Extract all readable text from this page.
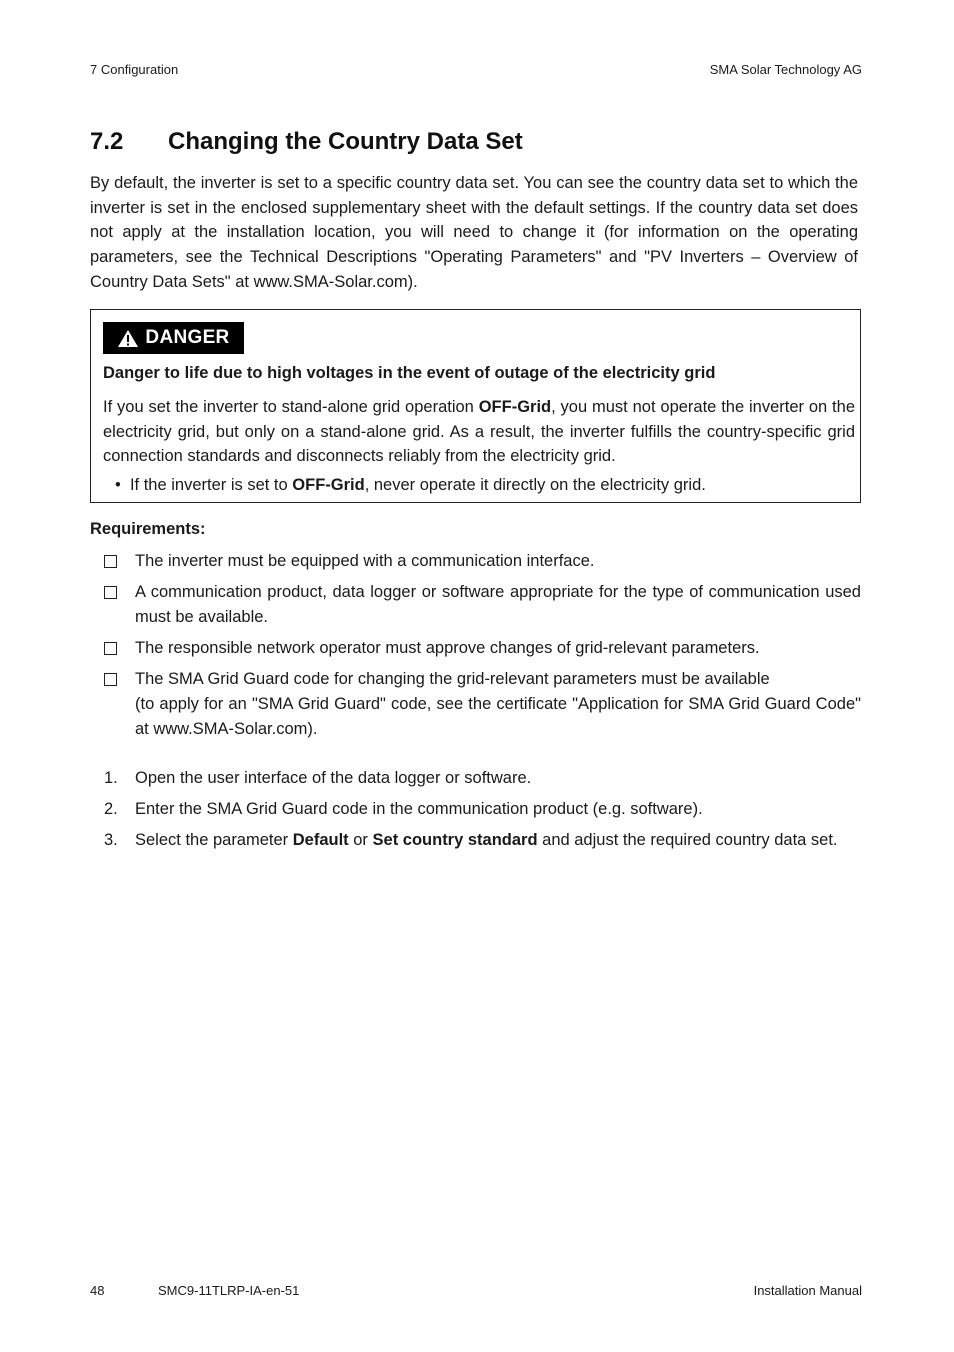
7 Configuration	SMA Solar Technology AG
7.2 Changing the Country Data Set
By default, the inverter is set to a specific country data set. You can see the country data set to which the inverter is set in the enclosed supplementary sheet with the default settings. If the country data set does not apply at the installation location, you will need to change it (for information on the operating parameters, see the Technical Descriptions "Operating Parameters" and "PV Inverters – Overview of Country Data Sets" at www.SMA-Solar.com).
DANGER
Danger to life due to high voltages in the event of outage of the electricity grid
If you set the inverter to stand-alone grid operation OFF-Grid, you must not operate the inverter on the electricity grid, but only on a stand-alone grid. As a result, the inverter fulfills the country-specific grid connection standards and disconnects reliably from the electricity grid.
• If the inverter is set to OFF-Grid, never operate it directly on the electricity grid.
Requirements:
The inverter must be equipped with a communication interface.
A communication product, data logger or software appropriate for the type of communication used must be available.
The responsible network operator must approve changes of grid-relevant parameters.
The SMA Grid Guard code for changing the grid-relevant parameters must be available
(to apply for an "SMA Grid Guard" code, see the certificate "Application for SMA Grid Guard Code" at www.SMA-Solar.com).
1.	Open the user interface of the data logger or software.
2.	Enter the SMA Grid Guard code in the communication product (e.g. software).
3.	Select the parameter Default or Set country standard and adjust the required country data set.
48	SMC9-11TLRP-IA-en-51	Installation Manual
